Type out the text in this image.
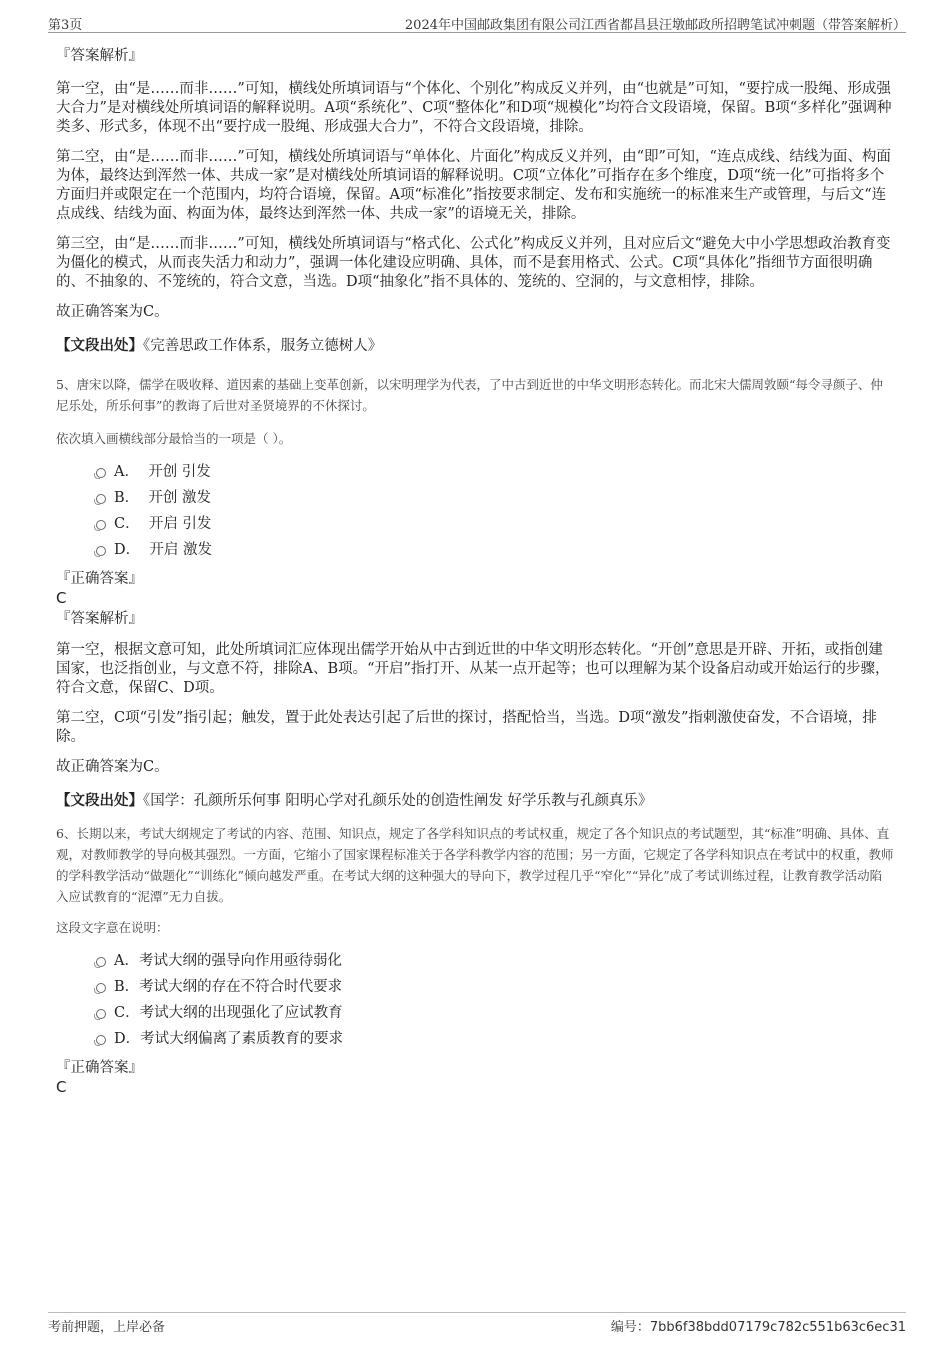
第3页	2024年中国邮政集团有限公司江西省都昌县汪墩邮政所招聘笔试冲刺题（带答案解析）

『答案解析』

第一空，由“是……而非……”可知，横线处所填词语与“个体化、个别化”构成反义并列，由“也就是”可知，“要拧成一股绳、形成强大合力”是对横线处所填词语的解释说明。A项“系统化”、C项“整体化”和D项“规模化”均符合文段语境，保留。B项“多样化”强调种类多、形式多，体现不出“要拧成一股绳、形成强大合力”，不符合文段语境，排除。

第二空，由“是……而非……”可知，横线处所填词语与“单体化、片面化”构成反义并列，由“即”可知，“连点成线、结线为面、构面为体，最终达到浑然一体、共成一家”是对横线处所填词语的解释说明。C项“立体化”可指存在多个维度，D项“统一化”可指将多个方面归并或限定在一个范围内，均符合语境，保留。A项“标准化”指按要求制定、发布和实施统一的标准来生产或管理，与后文“连点成线、结线为面、构面为体，最终达到浑然一体、共成一家”的语境无关，排除。

第三空，由“是……而非……”可知，横线处所填词语与“格式化、公式化”构成反义并列，且对应后文“避免大中小学思想政治教育变为僵化的模式，从而丧失活力和动力”，强调一体化建设应明确、具体，而不是套用格式、公式。C项“具体化”指细节方面很明确的、不抽象的、不笼统的，符合文意，当选。D项“抽象化”指不具体的、笼统的、空洞的，与文意相悖，排除。

故正确答案为C。

【文段出处】《完善思政工作体系，服务立德树人》

5、唐宋以降，儒学在吸收释、道因素的基础上变革创新，以宋明理学为代表，了中古到近世的中华文明形态转化。而北宋大儒周敦颐“每令寻颜子、仲尼乐处，所乐何事”的教诲了后世对圣贤境界的不休探讨。

依次填入画横线部分最恰当的一项是（ ）。

A． 开创 引发
B． 开创 激发
C． 开启 引发
D． 开启 激发

『正确答案』

C

『答案解析』

第一空，根据文意可知，此处所填词汇应体现出儒学开始从中古到近世的中华文明形态转化。“开创”意思是开辟、开拓，或指创建国家，也泛指创业，与文意不符，排除A、B项。“开启”指打开、从某一点开起等；也可以理解为某个设备启动或开始运行的步骤，符合文意，保留C、D项。

第二空，C项“引发”指引起；触发，置于此处表达引起了后世的探讨，搭配恰当，当选。D项“激发”指刺激使奋发，不合语境，排除。

故正确答案为C。

【文段出处】《国学：孔颜所乐何事 阳明心学对孔颜乐处的创造性阐发 好学乐教与孔颜真乐》

6、长期以来，考试大纲规定了考试的内容、范围、知识点，规定了各学科知识点的考试权重，规定了各个知识点的考试题型，其“标准”明确、具体、直观，对教师教学的导向极其强烈。一方面，它缩小了国家课程标准关于各学科教学内容的范围；另一方面，它规定了各学科知识点在考试中的权重，教师的学科教学活动“做题化”“训练化”倾向越发严重。在考试大纲的这种强大的导向下，教学过程几乎“窄化”“异化”成了考试训练过程，让教育教学活动陷入应试教育的“泥潭”无力自拔。

这段文字意在说明：

A．考试大纲的强导向作用亟待弱化
B．考试大纲的存在不符合时代要求
C．考试大纲的出现强化了应试教育
D．考试大纲偏离了素质教育的要求

『正确答案』

C

考前押题，上岸必备	编号：7bb6f38bdd07179c782c551b63c6ec31
